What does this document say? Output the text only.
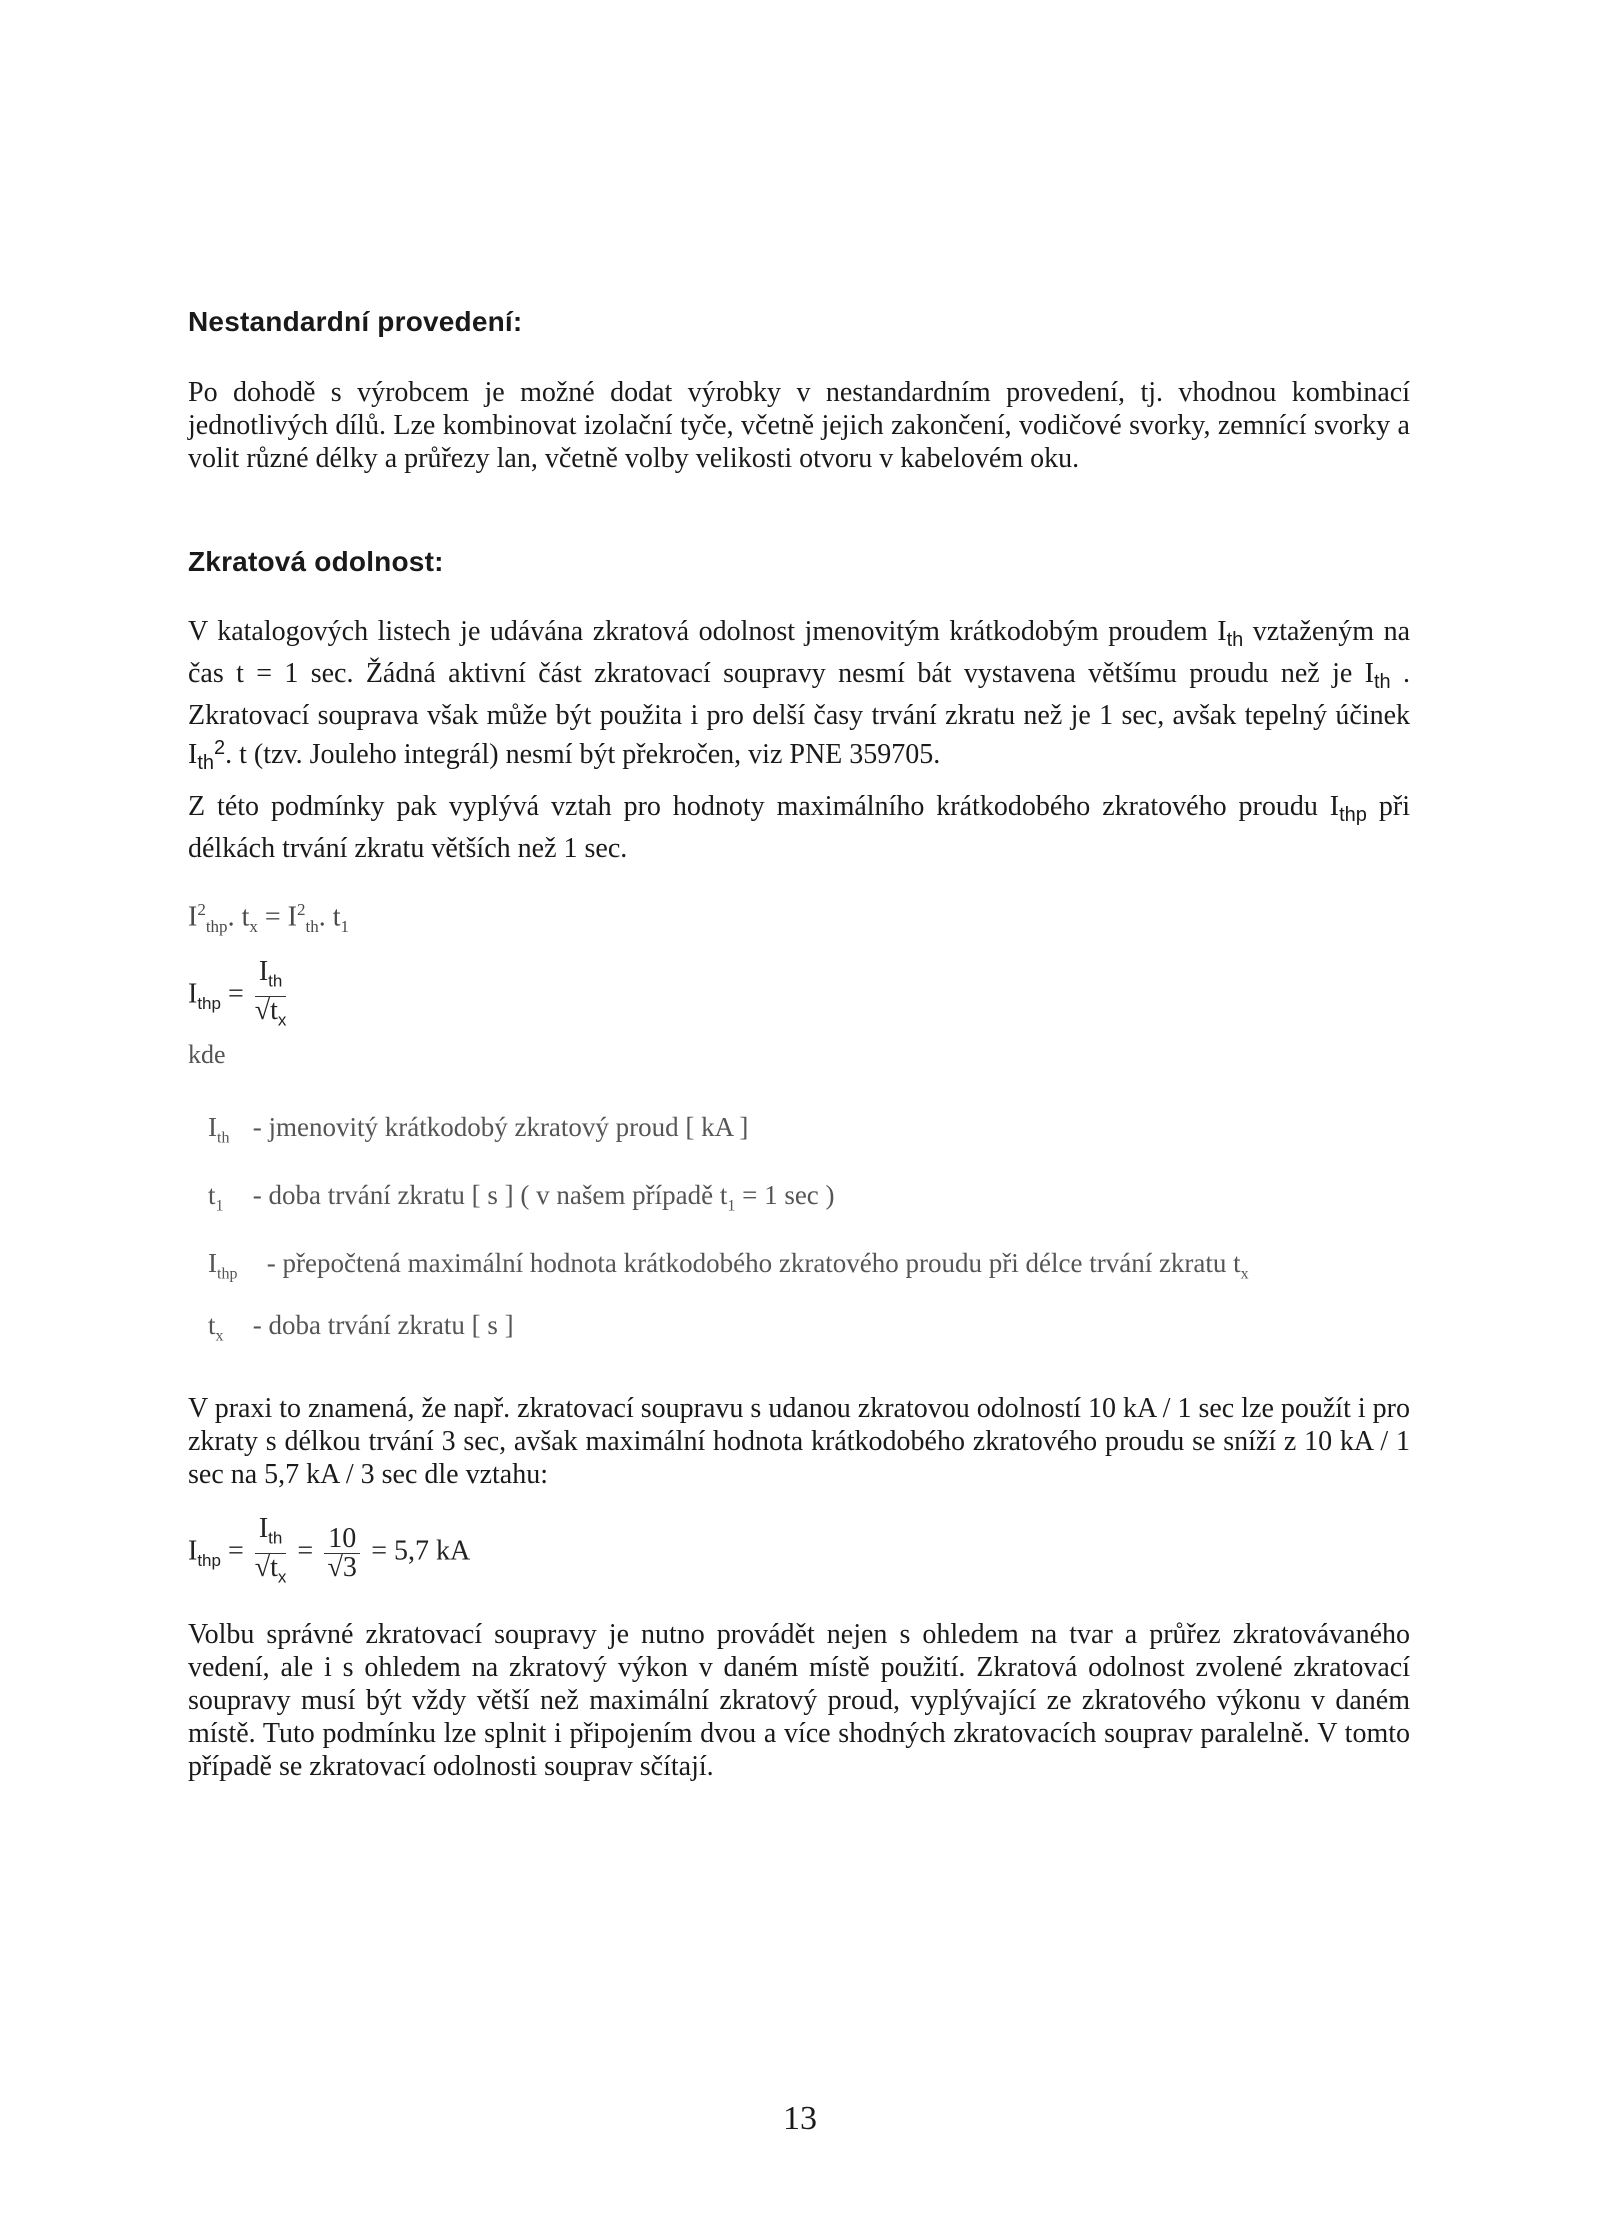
Nestandardní provedení:

Po dohodě s výrobcem je možné dodat výrobky v nestandardním provedení, tj. vhodnou kombinací jednotlivých dílů. Lze kombinovat izolační tyče, včetně jejich zakončení, vodičové svorky, zemnící svorky a volit různé délky a průřezy lan, včetně volby velikosti otvoru v kabelovém oku.

Zkratová odolnost:

V katalogových listech je udávána zkratová odolnost jmenovitým krátkodobým proudem $I_{th}$ vztaženým na čas t = 1 sec. Žádná aktivní část zkratovací soupravy nesmí bát vystavena většímu proudu než je $I_{th}$ . Zkratovací souprava však může být použita i pro delší časy trvání zkratu než je 1 sec, avšak tepelný účinek $I_{th}^2$. t (tzv. Jouleho integrál) nesmí být překročen, viz PNE 359705.

Z této podmínky pak vyplývá vztah pro hodnoty maximálního krátkodobého zkratového proudu $I_{thp}$ při délkách trvání zkratu větších než 1 sec.

$I^2_{thp}$. $t_x = I^2_{th}$. $t_1$
$I_{thp} = \frac{I_{th}}{√t_x}$

kde

$I_{th}$ - jmenovitý krátkodobý zkratový proud [ kA ]

$t_1$ - doba trvání zkratu [ s ] ( v našem případě $t_1 = 1$ sec )

$I_{thp}$ - přepočtená maximální hodnota krátkodobého zkratového proudu při délce trvání zkratu $t_x$

$t_x$ - doba trvání zkratu [ s ]

V praxi to znamená, že např. zkratovací soupravu s udanou zkratovou odolností 10 kA / 1 sec lze použít i pro zkraty s délkou trvání 3 sec, avšak maximální hodnota krátkodobého zkratového proudu se sníží z 10 kA / 1 sec na 5,7 kA / 3 sec dle vztahu:

$I_{thp} = \frac{I_{th}}{√t_x} = \frac{10}{√3} = 5,7$ kA

Volbu správné zkratovací soupravy je nutno provádět nejen s ohledem na tvar a průřez zkratovávaného vedení, ale i s ohledem na zkratový výkon v daném místě použití. Zkratová odolnost zvolené zkratovací soupravy musí být vždy větší než maximální zkratový proud, vyplývající ze zkratového výkonu v daném místě. Tuto podmínku lze splnit i připojením dvou a více shodných zkratovacích souprav paralelně. V tomto případě se zkratovací odolnosti souprav sčítají.

13
